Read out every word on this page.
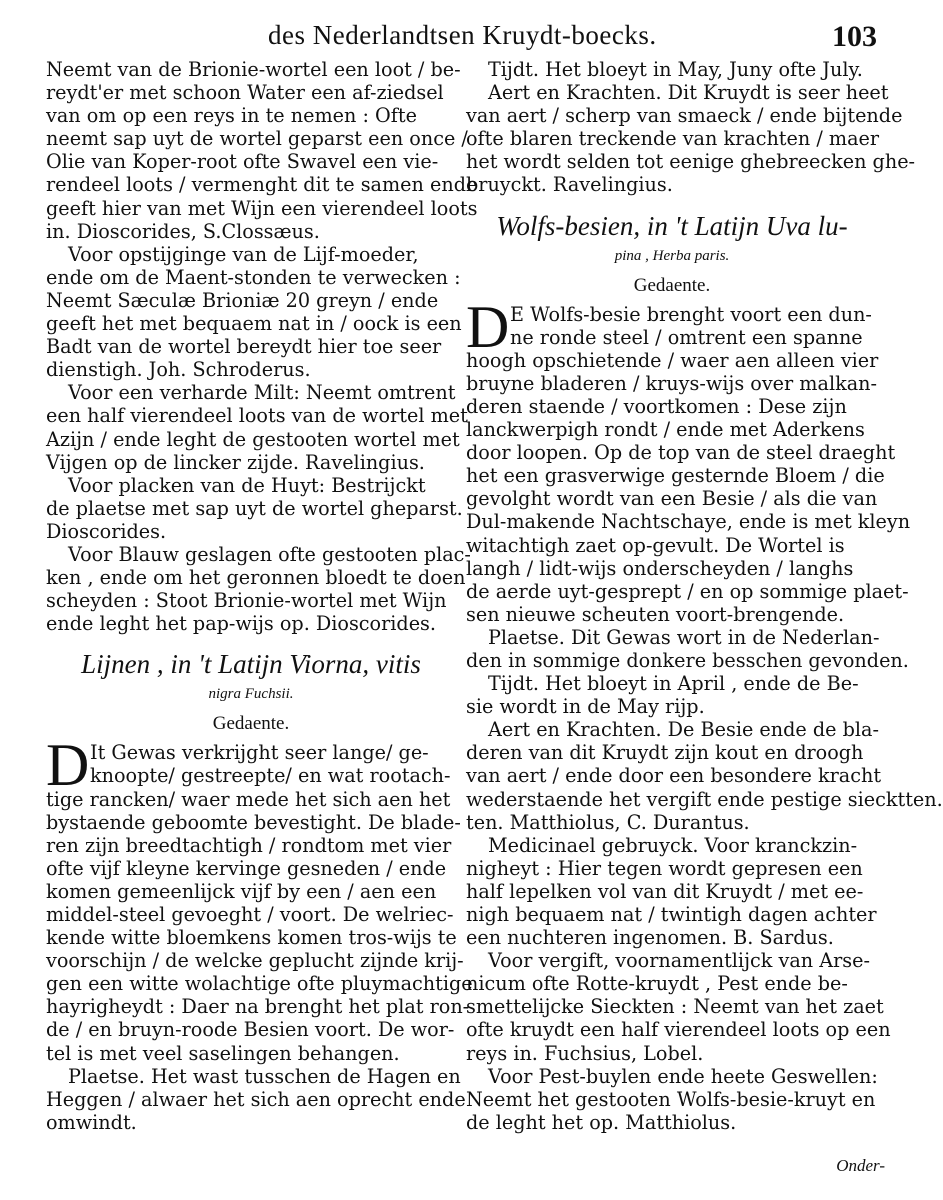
des Nederlandtsen Kruydt-boecks.	103
Neemt van de Brionie-wortel een loot / be-
reydt'er met schoon Water een af-ziedsel
van om op een reys in te nemen : Ofte
neemt sap uyt de wortel geparst een once /
Olie van Koper-root ofte Swavel een vie-
rendeel loots / vermenght dit te samen ende
geeft hier van met Wijn een vierendeel loots
in. Dioscorides, S.Clossæus.
Voor opstijginge van de Lijf-moeder,
ende om de Maent-stonden te verwecken :
Neemt Sæculæ Brioniæ 20 greyn / ende
geeft het met bequaem nat in / oock is een
Badt van de wortel bereydt hier toe seer
dienstigh. Joh. Schroderus.
Voor een verharde Milt: Neemt omtrent
een half vierendeel loots van de wortel met
Azijn / ende leght de gestooten wortel met
Vijgen op de lincker zijde. Ravelingius.
Voor placken van de Huyt: Bestrijckt
de plaetse met sap uyt de wortel gheparst.
Dioscorides.
Voor Blauw geslagen ofte gestooten plac-
ken , ende om het geronnen bloedt te doen
scheyden : Stoot Brionie-wortel met Wijn
ende leght het pap-wijs op. Dioscorides.
Lijnen , in 't Latijn Viorna, vitis
nigra Fuchsii.
Gedaente.
D It Gewas verkrijght seer lange/ ge-
knoopte/ gestreepte/ en wat rootach-
tige rancken/ waer mede het sich aen het
bystaende geboomte bevestight. De blade-
ren zijn breedtachtigh / rondtom met vier
ofte vijf kleyne kervinge gesneden / ende
komen gemeenlijck vijf by een / aen een
middel-steel gevoeght / voort. De welriec-
kende witte bloemkens komen tros-wijs te
voorschijn / de welcke geplucht zijnde krij-
gen een witte wolachtige ofte pluymachtige
hayrigheydt : Daer na brenght het plat ron-
de / en bruyn-roode Besien voort. De wor-
tel is met veel saselingen behangen.
Plaetse. Het wast tusschen de Hagen en
Heggen / alwaer het sich aen oprecht ende
omwindt.
Tijdt. Het bloeyt in May, Juny ofte July.
Aert en Krachten. Dit Kruydt is seer heet
van aert / scherp van smaeck / ende bijtende
ofte blaren treckende van krachten / maer
het wordt selden tot eenige ghebreecken ghe-
bruyckt. Ravelingius.
Wolfs-besien, in 't Latijn Uva lu-
pina , Herba paris.
Gedaente.
D E Wolfs-besie brenght voort een dun-
ne ronde steel / omtrent een spanne
hoogh opschietende / waer aen alleen vier
bruyne bladeren / kruys-wijs over malkan-
deren staende / voortkomen : Dese zijn
lanckwerpigh rondt / ende met Aderkens
door loopen. Op de top van de steel draeght
het een grasverwige gesternde Bloem / die
gevolght wordt van een Besie / als die van
Dul-makende Nachtschaye, ende is met kleyn
witachtigh zaet op-gevult. De Wortel is
langh / lidt-wijs onderscheyden / langhs
de aerde uyt-gesprept / en op sommige plaet-
sen nieuwe scheuten voort-brengende.
Plaetse. Dit Gewas wort in de Nederlan-
den in sommige donkere besschen gevonden.
Tijdt. Het bloeyt in April , ende de Be-
sie wordt in de May rijp.
Aert en Krachten. De Besie ende de bla-
deren van dit Kruydt zijn kout en droogh
van aert / ende door een besondere kracht
wederstaende het vergift ende pestige siecktten.
ten. Matthiolus, C. Durantus.
Medicinael gebruyck. Voor kranckzin-
nigheyt : Hier tegen wordt gepresen een
half lepelken vol van dit Kruydt / met ee-
nigh bequaem nat / twintigh dagen achter
een nuchteren ingenomen. B. Sardus.
Voor vergift, voornamentlijck van Arse-
nicum ofte Rotte-kruydt , Pest ende be-
smettelijcke Sieckten : Neemt van het zaet
ofte kruydt een half vierendeel loots op een
reys in. Fuchsius, Lobel.
Voor Pest-buylen ende heete Geswellen:
Neemt het gestooten Wolfs-besie-kruyt en
de leght het op. Matthiolus.
Onder-
